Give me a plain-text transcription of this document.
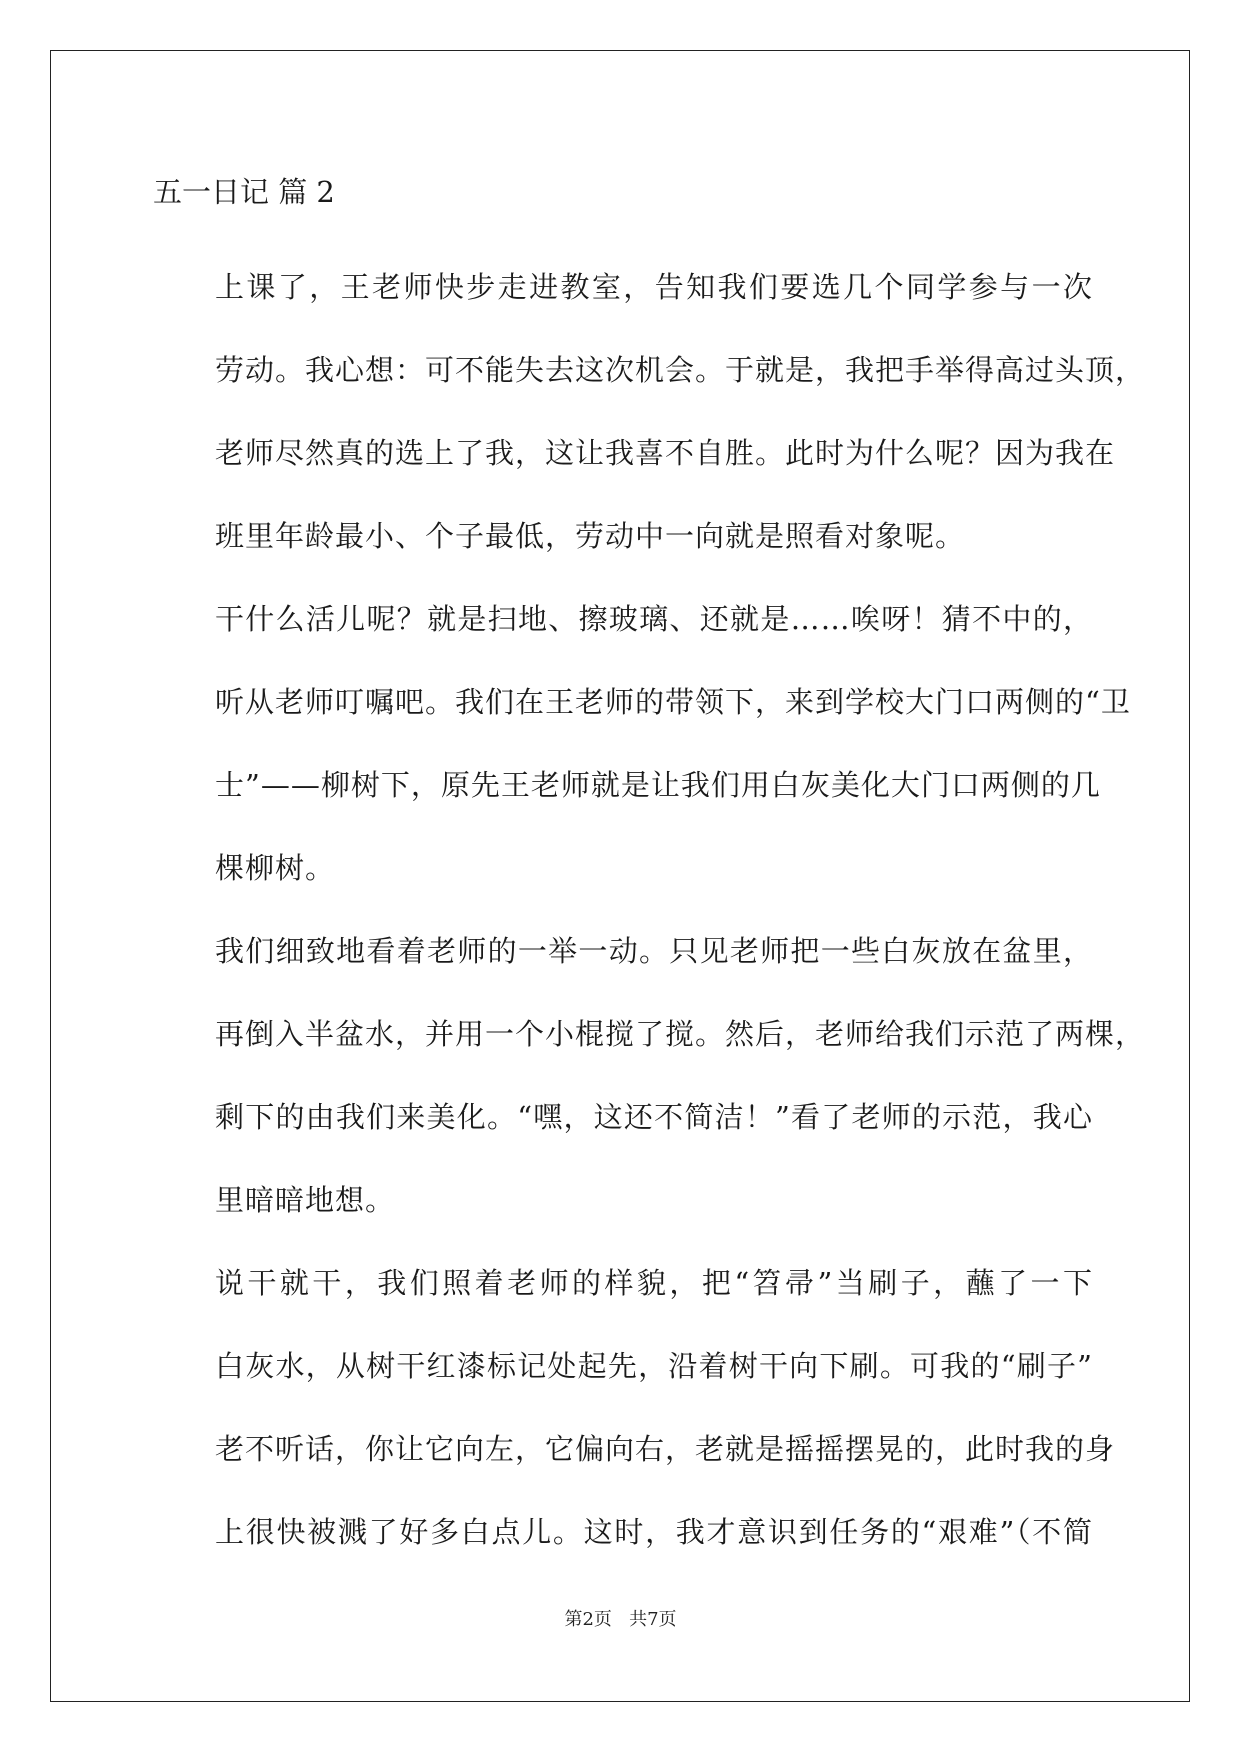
五一日记 篇 2
上课了，王老师快步走进教室，告知我们要选几个同学参与一次
劳动。我心想：可不能失去这次机会。于就是，我把手举得高过头顶，
老师尽然真的选上了我，这让我喜不自胜。此时为什么呢？因为我在
班里年龄最小、个子最低，劳动中一向就是照看对象呢。
干什么活儿呢？就是扫地、擦玻璃、还就是……唉呀！猜不中的，
听从老师叮嘱吧。我们在王老师的带领下，来到学校大门口两侧的“卫
士”——柳树下，原先王老师就是让我们用白灰美化大门口两侧的几
棵柳树。
我们细致地看着老师的一举一动。只见老师把一些白灰放在盆里，
再倒入半盆水，并用一个小棍搅了搅。然后，老师给我们示范了两棵，
剩下的由我们来美化。“嘿，这还不简洁！”看了老师的示范，我心
里暗暗地想。
说干就干，我们照着老师的样貌，把“笤帚”当刷子，蘸了一下
白灰水，从树干红漆标记处起先，沿着树干向下刷。可我的“刷子”
老不听话，你让它向左，它偏向右，老就是摇摇摆晃的，此时我的身
上很快被溅了好多白点儿。这时，我才意识到任务的“艰难”（不简
第2页   共7页
